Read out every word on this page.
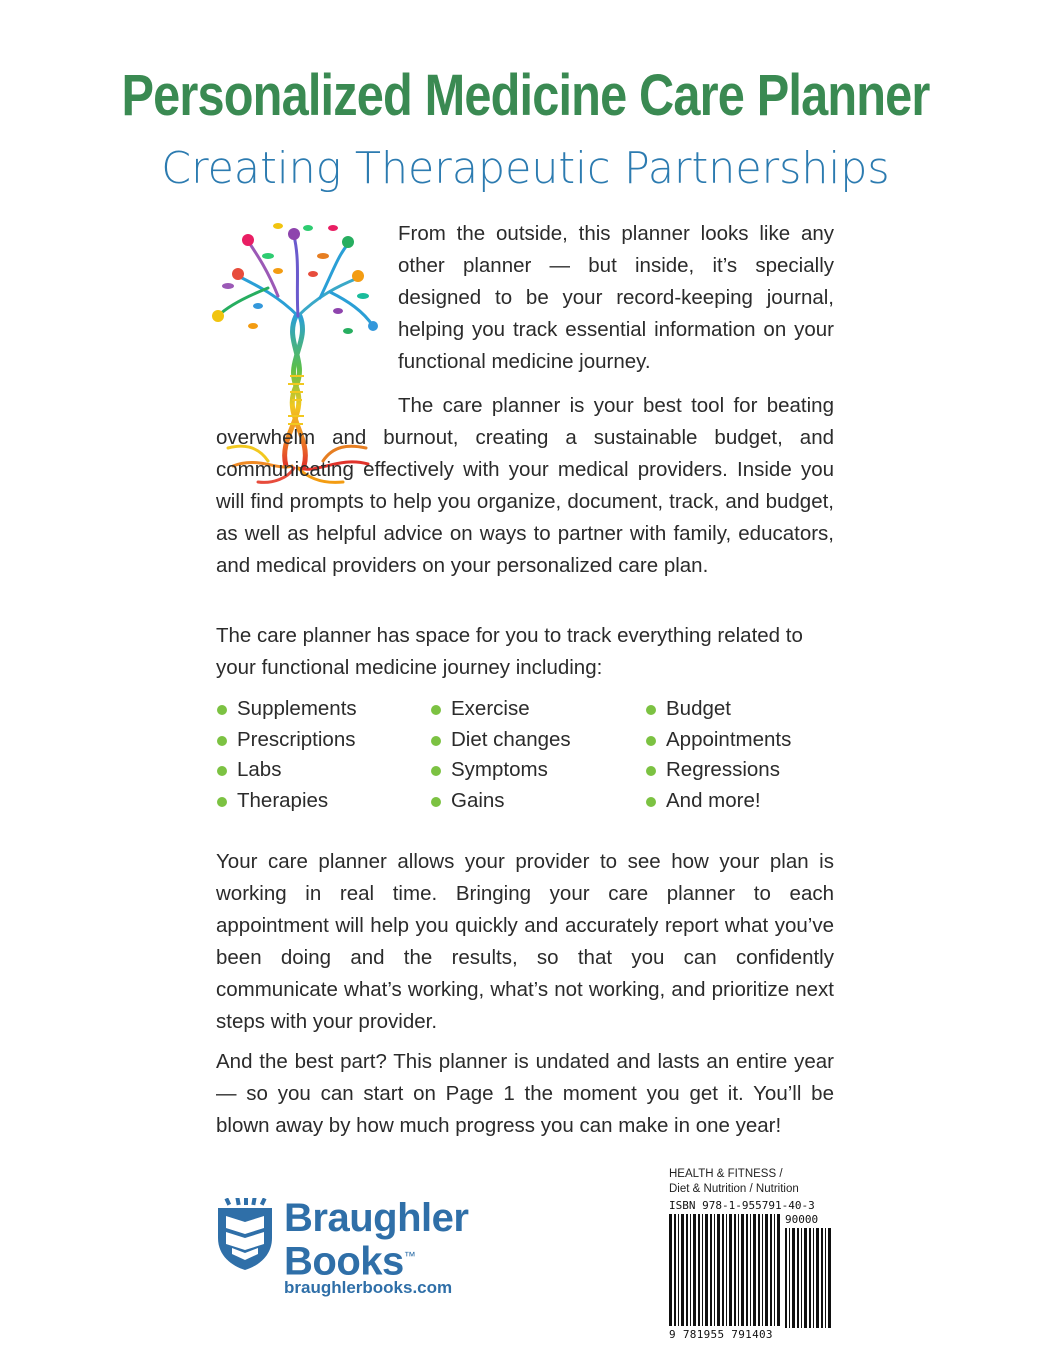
Personalized Medicine Care Planner
Creating Therapeutic Partnerships

From the outside, this planner looks like any other planner — but inside, it’s specially designed to be your record-keeping journal, helping you track essential information on your functional medicine journey.

The care planner is your best tool for beating overwhelm and burnout, creating a sustainable budget, and communicating effectively with your medical providers. Inside you will find prompts to help you organize, document, track, and budget, as well as helpful advice on ways to partner with family, educators, and medical providers on your personalized care plan.

The care planner has space for you to track everything related to your functional medicine journey including:

Supplements
Prescriptions
Labs
Therapies
Exercise
Diet changes
Symptoms
Gains
Budget
Appointments
Regressions
And more!

Your care planner allows your provider to see how your plan is working in real time. Bringing your care planner to each appointment will help you quickly and accurately report what you’ve been doing and the results, so that you can confidently communicate what’s working, what’s not working, and prioritize next steps with your provider.

And the best part? This planner is undated and lasts an entire year — so you can start on Page 1 the moment you get it. You’ll be blown away by how much progress you can make in one year!

Braughler
Books™
braughlerbooks.com
HEALTH & FITNESS /
Diet & Nutrition / Nutrition
ISBN 978-1-955791-40-3
90000
9 781955 791403
